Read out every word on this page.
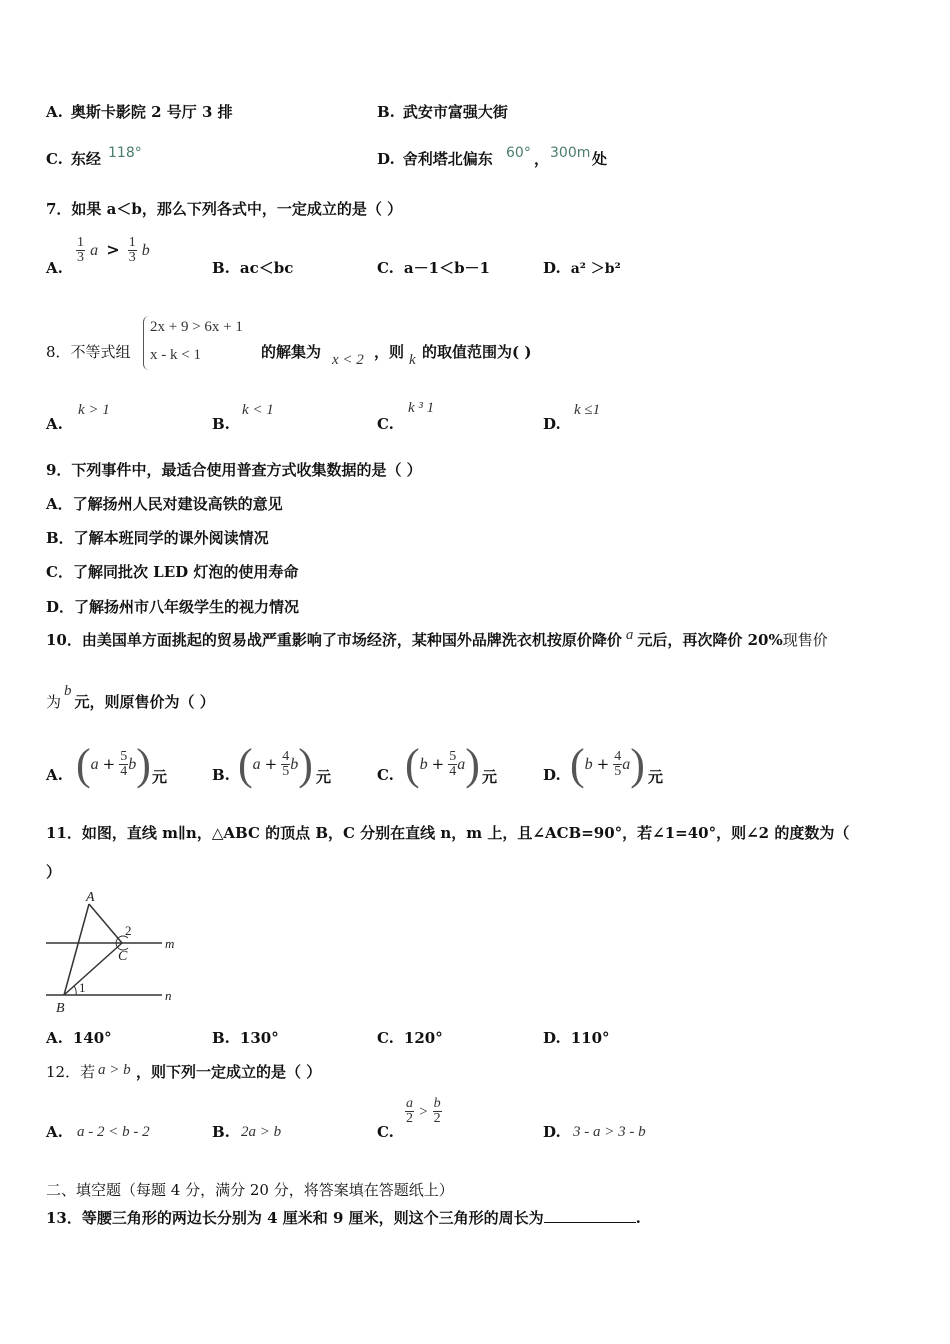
A. 奥斯卡影院 2 号厅 3 排	B. 武安市富强大街
C. 东经 118°	D. 舍利塔北偏东 60° ， 300m 处
7．如果 a＜b，那么下列各式中，一定成立的是（ ）
A.
$\frac{1}{3}$ $a > \frac{1}{3}$ b
B. ac＜bc	C. a－1＜b－1	D. a² ＞b²
8．不等式组
2x + 9 > 6x + 1
x - k < 1	的解集为 x < 2 ，则 k 的取值范围为( )
A.
k > 1
B.
k < 1
C.
k ³ 1
D.
k ≤1
9．下列事件中，最适合使用普查方式收集数据的是（ ）
A．了解扬州人民对建设高铁的意见
B．了解本班同学的课外阅读情况
C．了解同批次 LED 灯泡的使用寿命
D．了解扬州市八年级学生的视力情况
10．由美国单方面挑起的贸易战严重影响了市场经济，某种国外品牌洗衣机按原价降价 a 元后，再次降价 20%现售价
为b元，则原售价为（ ）
A. $(a + \frac{5}{4} b)$ 元	B. $(a + \frac{4}{5} b)$ 元	C. $(b + \frac{5}{4} a)$ 元	D. $(b + \frac{4}{5} a)$ 元
11．如图，直线 m∥n，△ABC 的顶点 B，C 分别在直线 n，m 上，且∠ACB=90°，若∠1=40°，则∠2 的度数为（
）
A
B
C
m
n
1
2
A. 140°	B. 130°	C. 120°	D. 110°
12．若 a > b ，则下列一定成立的是（ ）
A. a - 2 < b - 2	B. 2a > b	C.
$\frac{a}{2} > \frac{b}{2}$
D. 3 - a > 3 - b
二、填空题（每题 4 分，满分 20 分，将答案填在答题纸上）
13．等腰三角形的两边长分别为 4 厘米和 9 厘米，则这个三角形的周长为	.
